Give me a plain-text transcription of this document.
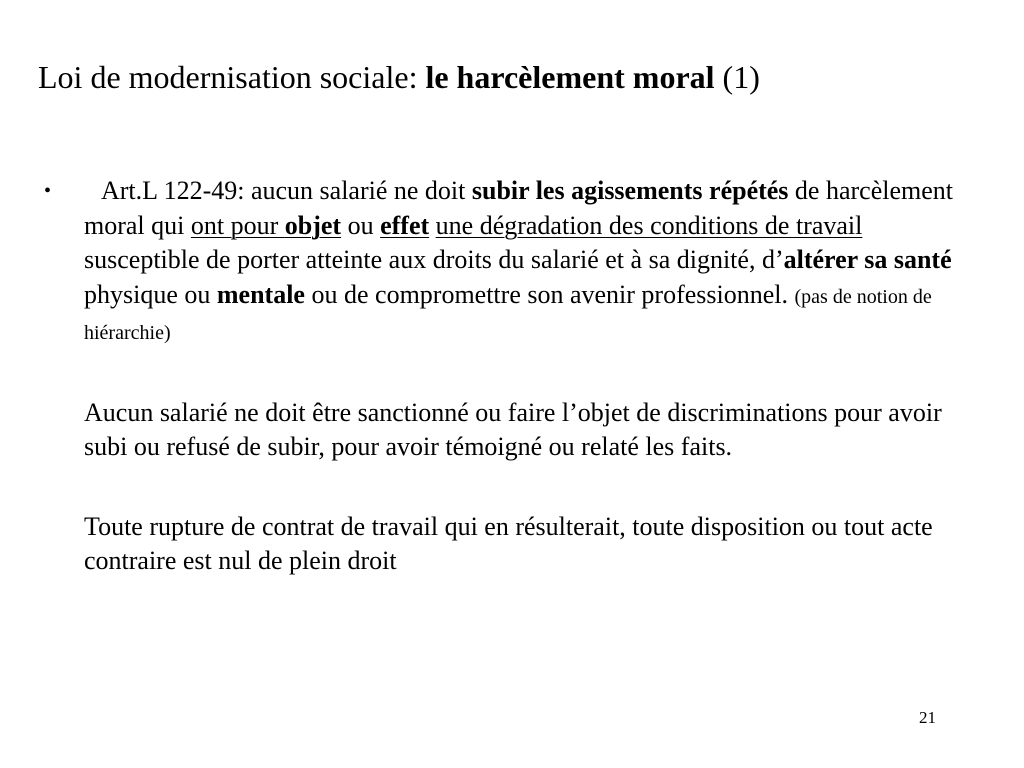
Loi de modernisation sociale: le harcèlement moral (1)
•	Art.L 122-49: aucun salarié ne doit subir les agissements répétés de harcèlement moral qui ont pour objet ou effet une dégradation des conditions de travail susceptible de porter atteinte aux droits du salarié et à sa dignité, d’altérer sa santé physique ou mentale ou de compromettre son avenir professionnel. (pas de notion de hiérarchie)

Aucun salarié ne doit être sanctionné ou faire l’objet de discriminations pour avoir subi ou refusé de subir, pour avoir témoigné ou relaté les faits.

Toute rupture de contrat de travail qui en résulterait, toute disposition ou tout acte contraire est nul de plein droit

21
